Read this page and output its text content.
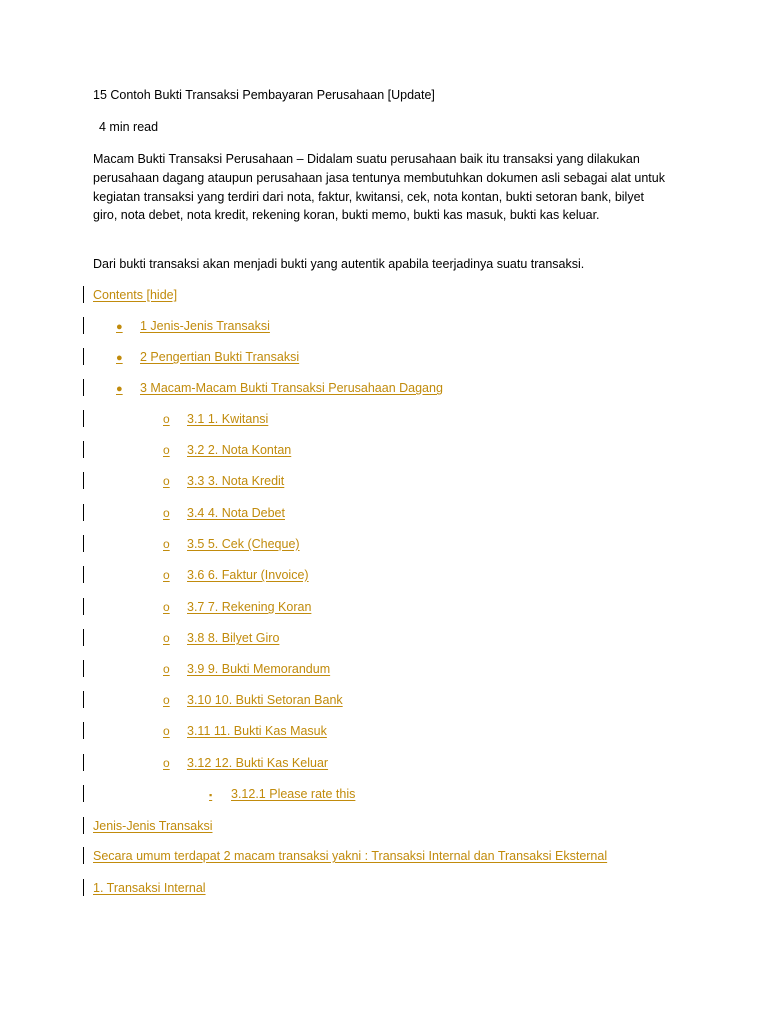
15 Contoh Bukti Transaksi Pembayaran Perusahaan [Update]
4 min read
Macam Bukti Transaksi Perusahaan – Didalam suatu perusahaan baik itu transaksi yang dilakukan perusahaan dagang ataupun perusahaan jasa tentunya membutuhkan dokumen asli sebagai alat untuk kegiatan transaksi yang terdiri dari nota, faktur, kwitansi, cek, nota kontan, bukti setoran bank, bilyet giro, nota debet, nota kredit, rekening koran, bukti memo, bukti kas masuk, bukti kas keluar.
Dari bukti transaksi akan menjadi bukti yang autentik apabila teerjadinya suatu transaksi.
Contents [hide]
● 1 Jenis-Jenis Transaksi
● 2 Pengertian Bukti Transaksi
● 3 Macam-Macam Bukti Transaksi Perusahaan Dagang
o 3.1 1. Kwitansi
o 3.2 2. Nota Kontan
o 3.3 3. Nota Kredit
o 3.4 4. Nota Debet
o 3.5 5. Cek (Cheque)
o 3.6 6. Faktur (Invoice)
o 3.7 7. Rekening Koran
o 3.8 8. Bilyet Giro
o 3.9 9. Bukti Memorandum
o 3.10 10. Bukti Setoran Bank
o 3.11 11. Bukti Kas Masuk
o 3.12 12. Bukti Kas Keluar
▪ 3.12.1 Please rate this
Jenis-Jenis Transaksi
Secara umum terdapat 2 macam transaksi yakni : Transaksi Internal dan Transaksi Eksternal
1. Transaksi Internal
